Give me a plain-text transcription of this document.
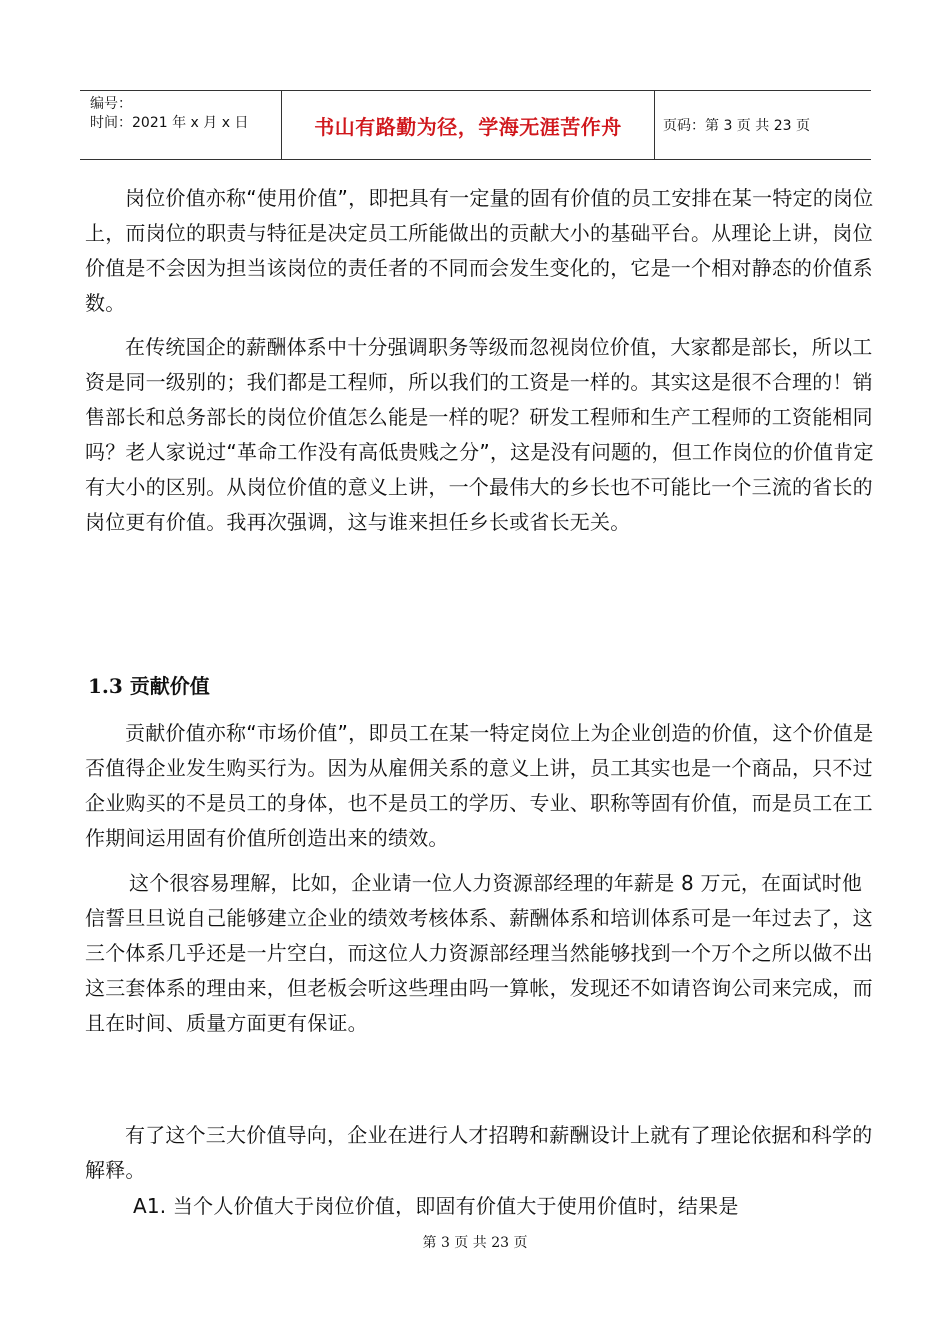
编号：
时间：2021 年 x 月 x 日	书山有路勤为径，学海无涯苦作舟	页码：第 3 页 共 23 页
岗位价值亦称“使用价值”，即把具有一定量的固有价值的员工安排在某一特定的岗位上，而岗位的职责与特征是决定员工所能做出的贡献大小的基础平台。从理论上讲，岗位价值是不会因为担当该岗位的责任者的不同而会发生变化的，它是一个相对静态的价值系数。
在传统国企的薪酬体系中十分强调职务等级而忽视岗位价值，大家都是部长，所以工资是同一级别的；我们都是工程师，所以我们的工资是一样的。其实这是很不合理的！销售部长和总务部长的岗位价值怎么能是一样的呢？研发工程师和生产工程师的工资能相同吗？老人家说过“革命工作没有高低贵贱之分”，这是没有问题的，但工作岗位的价值肯定有大小的区别。从岗位价值的意义上讲，一个最伟大的乡长也不可能比一个三流的省长的岗位更有价值。我再次强调，这与谁来担任乡长或省长无关。
1.3 贡献价值
贡献价值亦称“市场价值”，即员工在某一特定岗位上为企业创造的价值，这个价值是否值得企业发生购买行为。因为从雇佣关系的意义上讲，员工其实也是一个商品，只不过企业购买的不是员工的身体，也不是员工的学历、专业、职称等固有价值，而是员工在工作期间运用固有价值所创造出来的绩效。
这个很容易理解，比如，企业请一位人力资源部经理的年薪是 8 万元，在面试时他信誓旦旦说自己能够建立企业的绩效考核体系、薪酬体系和培训体系可是一年过去了，这三个体系几乎还是一片空白，而这位人力资源部经理当然能够找到一个万个之所以做不出这三套体系的理由来，但老板会听这些理由吗一算帐，发现还不如请咨询公司来完成，而且在时间、质量方面更有保证。
有了这个三大价值导向，企业在进行人才招聘和薪酬设计上就有了理论依据和科学的解释。
A1. 当个人价值大于岗位价值，即固有价值大于使用价值时，结果是
第 3 页 共 23 页
